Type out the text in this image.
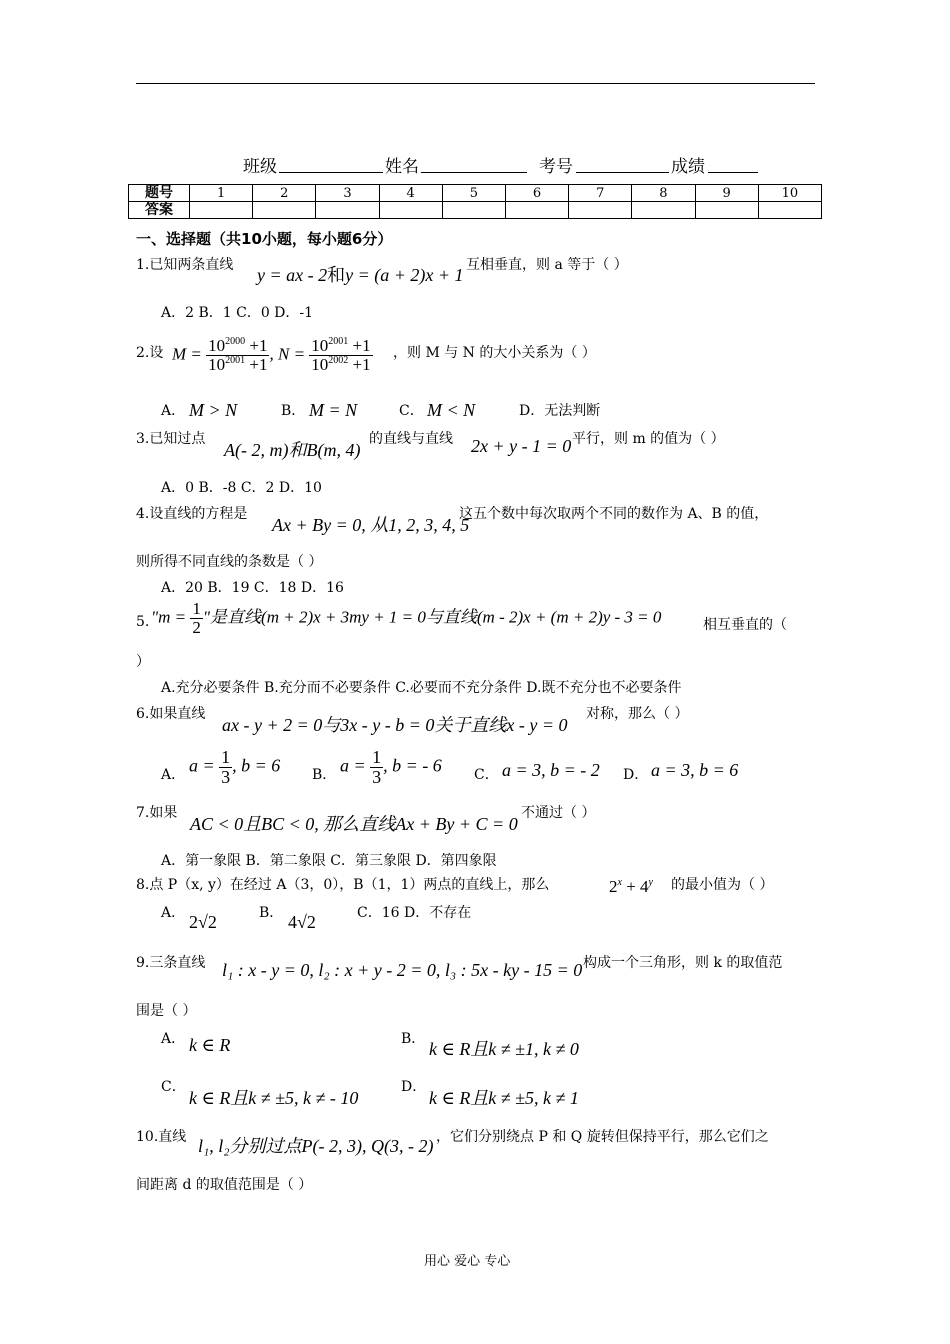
班级	姓名	考号	成绩
题号	1	2	3	4	5	6	7	8	9	10
答案										
一、选择题（共10小题，每小题6分）
1.已知两条直线 y = ax - 2和y = (a + 2)x + 1 互相垂直，则 a 等于（ ）
A．2 B．1 C．0 D．-1
2.设 $M = \frac{10^{2000} +1}{10^{2001} +1}$ , $N = \frac{10^{2001} +1}{10^{2002} +1}$ ，则 M 与 N 的大小关系为（ ）
A． M > N	B． M = N	C． M < N	D．无法判断
3.已知过点
A(- 2, m)和B(m, 4)
的直线与直线 2x + y - 1 = 0 平行，则 m 的值为（ ）
A．0 B．-8 C．2 D．10
4.设直线的方程是
Ax + By = 0, 从1, 2, 3, 4, 5
这五个数中每次取两个不同的数作为 A、B 的值，
则所得不同直线的条数是（ ）
A．20 B．19 C．18 D．16
5. "$m = \frac{1}{2}$ "是直线(m + 2)x + 3my + 1 = 0与直线(m - 2)x + (m + 2)y - 3 = 0	相互垂直的（
）
A.充分必要条件 B.充分而不必要条件 C.必要而不充分条件 D.既不充分也不必要条件
6.如果直线
ax - y + 2 = 0与3x - y - b = 0关于直线x - y = 0
对称，那么（ ）
A． $a = \frac{1}{3}$ , b = 6 B． $a = \frac{1}{3}$ , b = - 6 C． a = 3, b = - 2 D． a = 3, b = 6
7.如果
AC < 0且BC < 0, 那么直线Ax + By + C = 0
不通过（ ）
A．第一象限 B．第二象限 C．第三象限 D．第四象限
8.点 P（x, y）在经过 A（3，0），B（1，1）两点的直线上，那么	$2^x + 4^y$ 的最小值为（ ）
A． 2√2	B． 4√2	C．16 D．不存在
9.三条直线 l₁ : x - y = 0, l₂ : x + y - 2 = 0, l₃ : 5x - ky - 15 = 0 构成一个三角形，则 k 的取值范
围是（ ）
A． k ∈ R	B． k ∈ R且k ≠ ±1, k ≠ 0
C．
k ∈ R且k ≠ ±5, k ≠ - 10
D．
k ∈ R且k ≠ ±5, k ≠ 1
10.直线 l₁, l₂分别过点P(- 2, 3), Q(3, - 2) ，它们分别绕点 P 和 Q 旋转但保持平行，那么它们之
间距离 d 的取值范围是（ ）
用心 爱心 专心
